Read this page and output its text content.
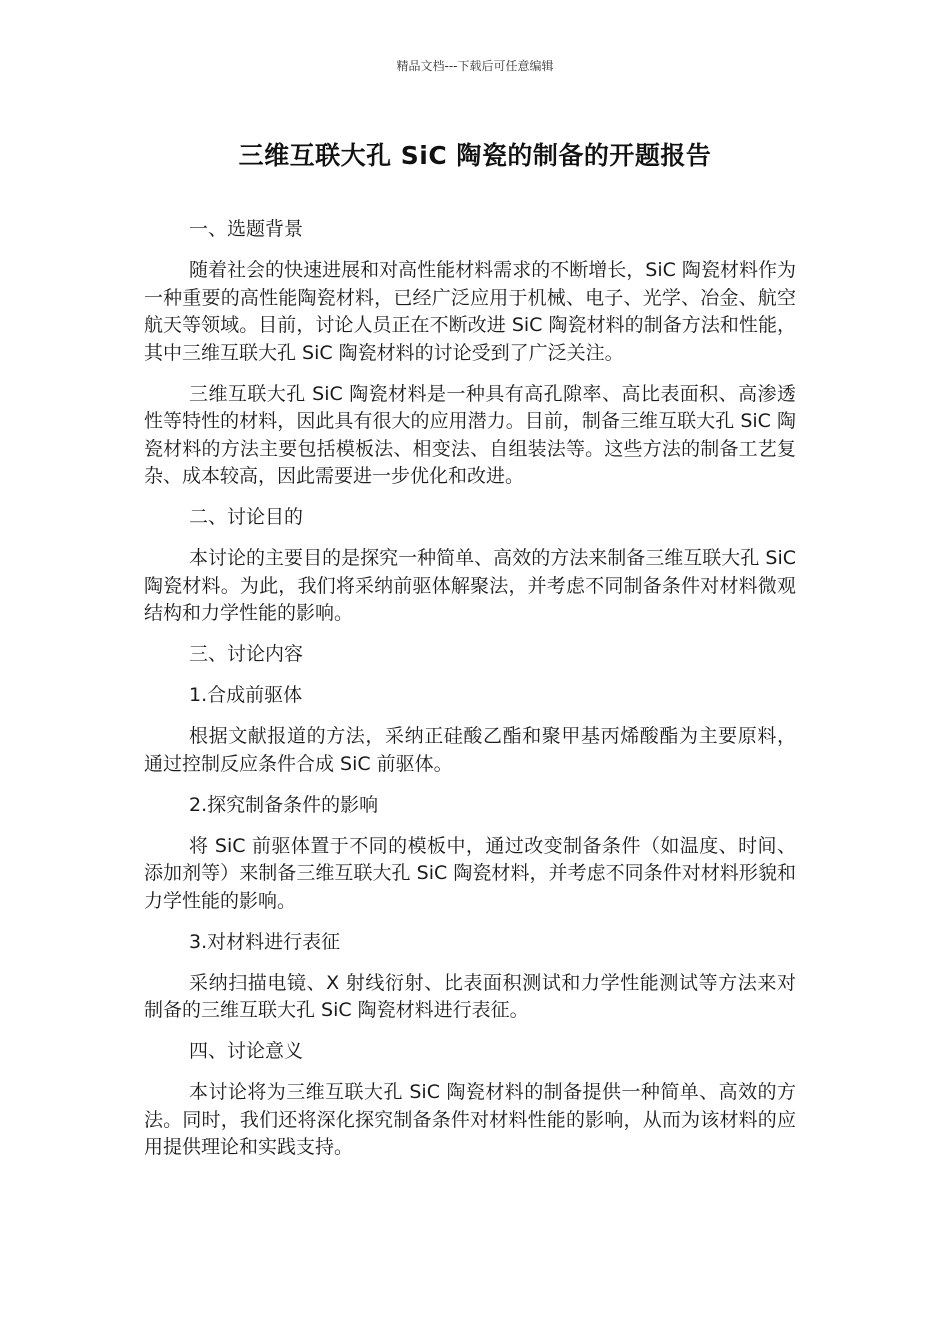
精品文档---下载后可任意编辑
三维互联大孔 SiC 陶瓷的制备的开题报告

一、选题背景

随着社会的快速进展和对高性能材料需求的不断增长，SiC 陶瓷材料作为一种重要的高性能陶瓷材料，已经广泛应用于机械、电子、光学、冶金、航空航天等领域。目前，讨论人员正在不断改进 SiC 陶瓷材料的制备方法和性能，其中三维互联大孔 SiC 陶瓷材料的讨论受到了广泛关注。

三维互联大孔 SiC 陶瓷材料是一种具有高孔隙率、高比表面积、高渗透性等特性的材料，因此具有很大的应用潜力。目前，制备三维互联大孔 SiC 陶瓷材料的方法主要包括模板法、相变法、自组装法等。这些方法的制备工艺复杂、成本较高，因此需要进一步优化和改进。

二、讨论目的

本讨论的主要目的是探究一种简单、高效的方法来制备三维互联大孔 SiC 陶瓷材料。为此，我们将采纳前驱体解聚法，并考虑不同制备条件对材料微观结构和力学性能的影响。

三、讨论内容

1.合成前驱体

根据文献报道的方法，采纳正硅酸乙酯和聚甲基丙烯酸酯为主要原料，通过控制反应条件合成 SiC 前驱体。

2.探究制备条件的影响

将 SiC 前驱体置于不同的模板中，通过改变制备条件（如温度、时间、添加剂等）来制备三维互联大孔 SiC 陶瓷材料，并考虑不同条件对材料形貌和力学性能的影响。

3.对材料进行表征

采纳扫描电镜、X 射线衍射、比表面积测试和力学性能测试等方法来对制备的三维互联大孔 SiC 陶瓷材料进行表征。

四、讨论意义

本讨论将为三维互联大孔 SiC 陶瓷材料的制备提供一种简单、高效的方法。同时，我们还将深化探究制备条件对材料性能的影响，从而为该材料的应用提供理论和实践支持。
